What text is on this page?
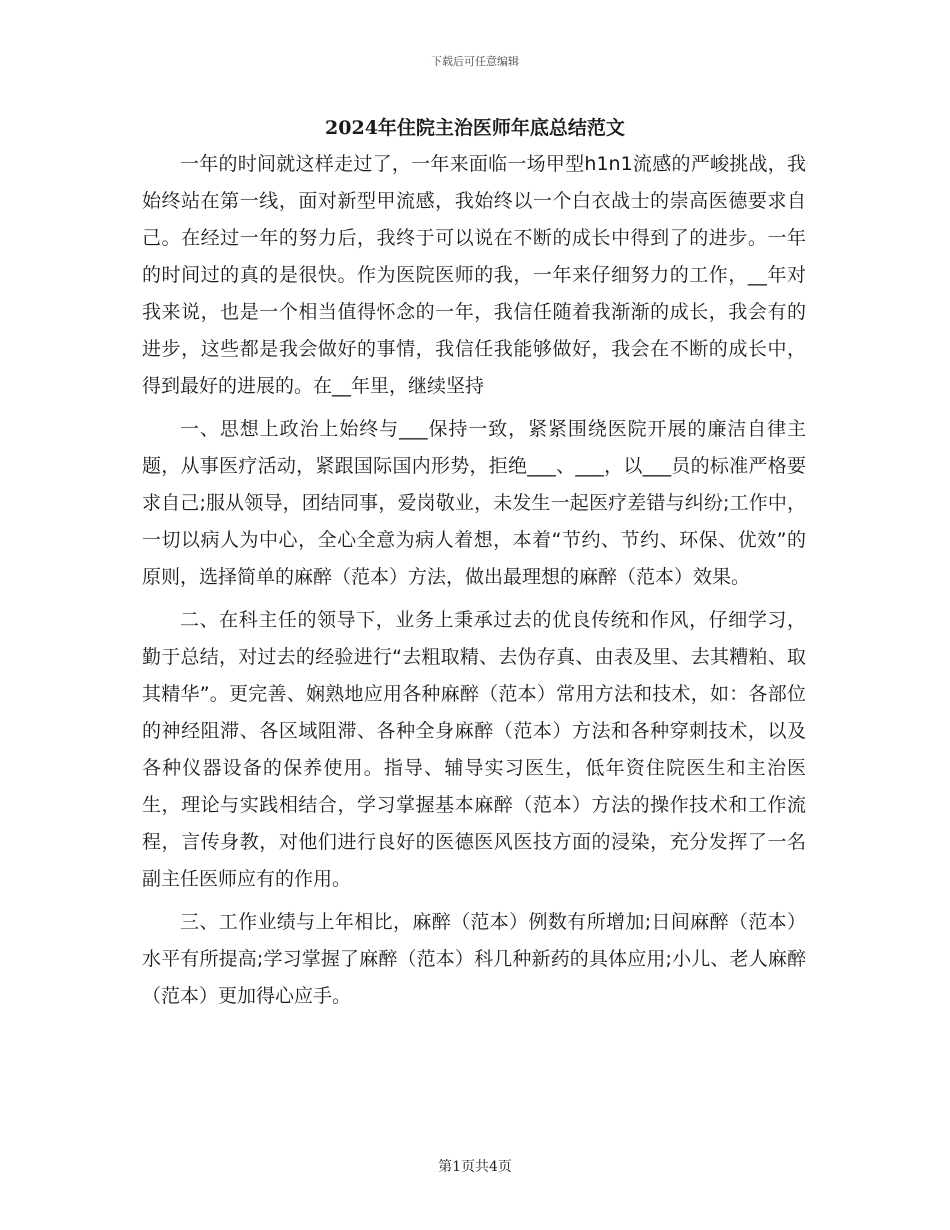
下载后可任意编辑
2024年住院主治医师年底总结范文

一年的时间就这样走过了，一年来面临一场甲型h1n1流感的严峻挑战，我始终站在第一线，面对新型甲流感，我始终以一个白衣战士的崇高医德要求自己。在经过一年的努力后，我终于可以说在不断的成长中得到了的进步。一年的时间过的真的是很快。作为医院医师的我，一年来仔细努力的工作，__年对我来说，也是一个相当值得怀念的一年，我信任随着我渐渐的成长，我会有的进步，这些都是我会做好的事情，我信任我能够做好，我会在不断的成长中，得到最好的进展的。在__年里，继续坚持

一、思想上政治上始终与___保持一致，紧紧围绕医院开展的廉洁自律主题，从事医疗活动，紧跟国际国内形势，拒绝___、___，以___员的标准严格要求自己;服从领导，团结同事，爱岗敬业，未发生一起医疗差错与纠纷;工作中，一切以病人为中心，全心全意为病人着想，本着“节约、节约、环保、优效”的原则，选择简单的麻醉（范本）方法，做出最理想的麻醉（范本）效果。

二、在科主任的领导下，业务上秉承过去的优良传统和作风，仔细学习，勤于总结，对过去的经验进行“去粗取精、去伪存真、由表及里、去其糟粕、取其精华”。更完善、娴熟地应用各种麻醉（范本）常用方法和技术，如：各部位的神经阻滞、各区域阻滞、各种全身麻醉（范本）方法和各种穿刺技术，以及各种仪器设备的保养使用。指导、辅导实习医生，低年资住院医生和主治医生，理论与实践相结合，学习掌握基本麻醉（范本）方法的操作技术和工作流程，言传身教，对他们进行良好的医德医风医技方面的浸染，充分发挥了一名副主任医师应有的作用。

三、工作业绩与上年相比，麻醉（范本）例数有所增加;日间麻醉（范本）水平有所提高;学习掌握了麻醉（范本）科几种新药的具体应用;小儿、老人麻醉（范本）更加得心应手。

第1页共4页
